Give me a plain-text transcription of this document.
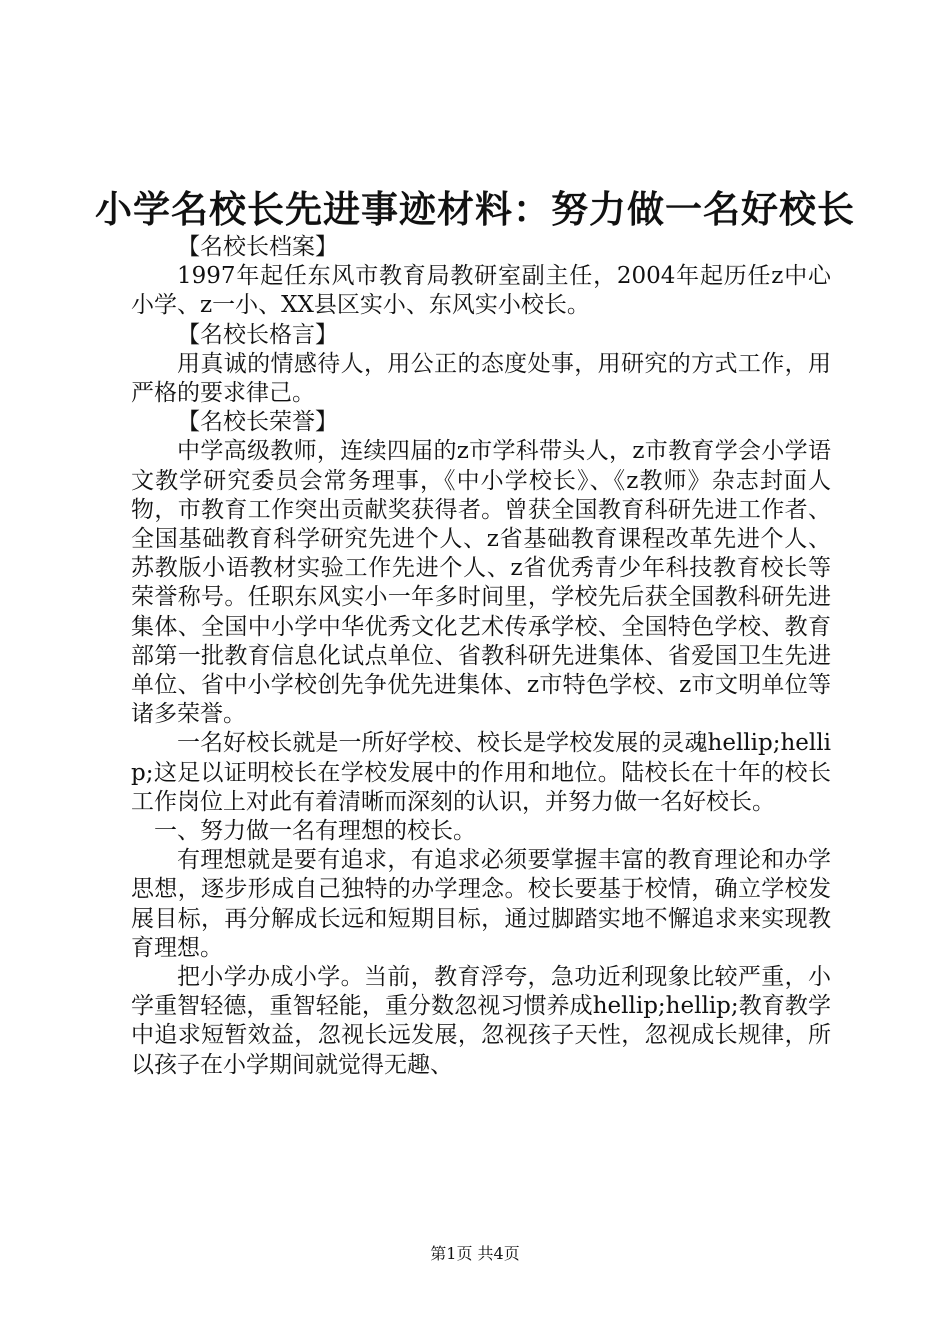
小学名校长先进事迹材料：努力做一名好校长

【名校长档案】

1997年起任东风市教育局教研室副主任，2004年起历任z中心小学、z一小、XX县区实小、东风实小校长。

【名校长格言】

用真诚的情感待人，用公正的态度处事，用研究的方式工作，用严格的要求律己。

【名校长荣誉】

中学高级教师，连续四届的z市学科带头人，z市教育学会小学语文教学研究委员会常务理事，《中小学校长》、《z教师》杂志封面人物，市教育工作突出贡献奖获得者。曾获全国教育科研先进工作者、全国基础教育科学研究先进个人、z省基础教育课程改革先进个人、苏教版小语教材实验工作先进个人、z省优秀青少年科技教育校长等荣誉称号。任职东风实小一年多时间里，学校先后获全国教科研先进集体、全国中小学中华优秀文化艺术传承学校、全国特色学校、教育部第一批教育信息化试点单位、省教科研先进集体、省爱国卫生先进单位、省中小学校创先争优先进集体、z市特色学校、z市文明单位等诸多荣誉。

一名好校长就是一所好学校、校长是学校发展的灵魂hellip;hellip;这足以证明校长在学校发展中的作用和地位。陆校长在十年的校长工作岗位上对此有着清晰而深刻的认识，并努力做一名好校长。

一、努力做一名有理想的校长。

有理想就是要有追求，有追求必须要掌握丰富的教育理论和办学思想，逐步形成自己独特的办学理念。校长要基于校情，确立学校发展目标，再分解成长远和短期目标，通过脚踏实地不懈追求来实现教育理想。

把小学办成小学。当前，教育浮夸，急功近利现象比较严重，小学重智轻德，重智轻能，重分数忽视习惯养成hellip;hellip;教育教学中追求短暂效益，忽视长远发展，忽视孩子天性，忽视成长规律，所以孩子在小学期间就觉得无趣、

第1页 共4页
